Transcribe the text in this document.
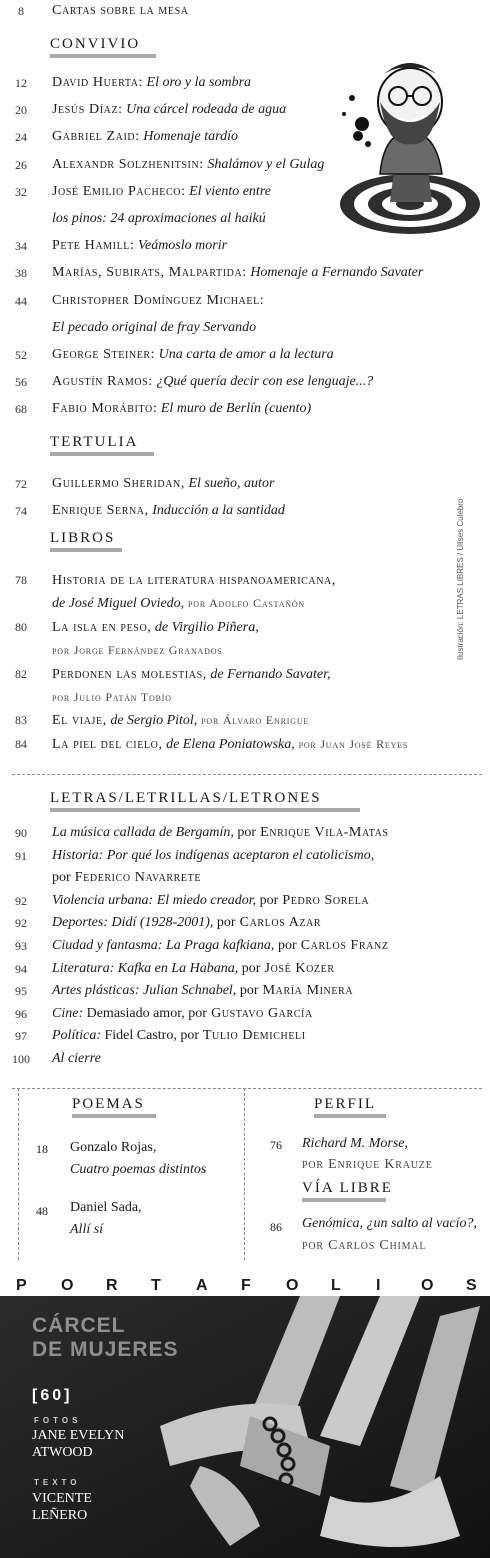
8	Cartas sobre la mesa
CONVIVIO
12	David Huerta: El oro y la sombra
20	Jesús Díaz: Una cárcel rodeada de agua
24	Gabriel Zaid: Homenaje tardío
26	Alexandr Solzhenitsin: Shalámov y el Gulag
32	José Emilio Pacheco: El viento entre
los pinos: 24 aproximaciones al haikú
34	Pete Hamill: Veámoslo morir
38	Marías, Subirats, Malpartida: Homenaje a Fernando Savater
44	Christopher Domínguez Michael:
El pecado original de fray Servando
52	George Steiner: Una carta de amor a la lectura
56	Agustín Ramos: ¿Qué quería decir con ese lenguaje...?
68	Fabio Morábito: El muro de Berlín (cuento)
TERTULIA
72	Guillermo Sheridan, El sueño, autor
74	Enrique Serna, Inducción a la santidad
LIBROS
78	Historia de la literatura hispanoamericana,
de José Miguel Oviedo, por Adolfo Castañón
80	La isla en peso, de Virgilio Piñera,
por Jorge Fernández Granados
82	Perdonen las molestias, de Fernando Savater,
por Julio Patán Tobío
83	El viaje, de Sergio Pitol, por Álvaro Enrigue
84	La piel del cielo, de Elena Poniatowska, por Juan José Reyes
Ilustración: LETRAS LIBRES / Ulises Culebro
LETRAS/LETRILLAS/LETRONES
90	La música callada de Bergamín, por Enrique Vila-Matas
91	Historia: Por qué los indígenas aceptaron el catolicismo,
por Federico Navarrete
92	Violencia urbana: El miedo creador, por Pedro Sorela
92	Deportes: Didí (1928-2001), por Carlos Azar
93	Ciudad y fantasma: La Praga kafkiana, por Carlos Franz
94	Literatura: Kafka en La Habana, por José Kozer
95	Artes plásticas: Julian Schnabel, por María Minera
96	Cine: Demasiado amor, por Gustavo García
97	Política: Fidel Castro, por Tulio Demicheli
100	Al cierre
POEMAS
18 Gonzalo Rojas,
Cuatro poemas distintos
48 Daniel Sada,
Allí sí
PERFIL
76 Richard M. Morse,
por Enrique Krauze
VÍA LIBRE
86 Genómica, ¿un salto al vacío?,
por Carlos Chimal
P O R T A F O L I	O S
CÁRCEL
DE MUJERES
[60]
FOTOS
JANE EVELYN
ATWOOD
TEXTO
VICENTE
LEÑERO
